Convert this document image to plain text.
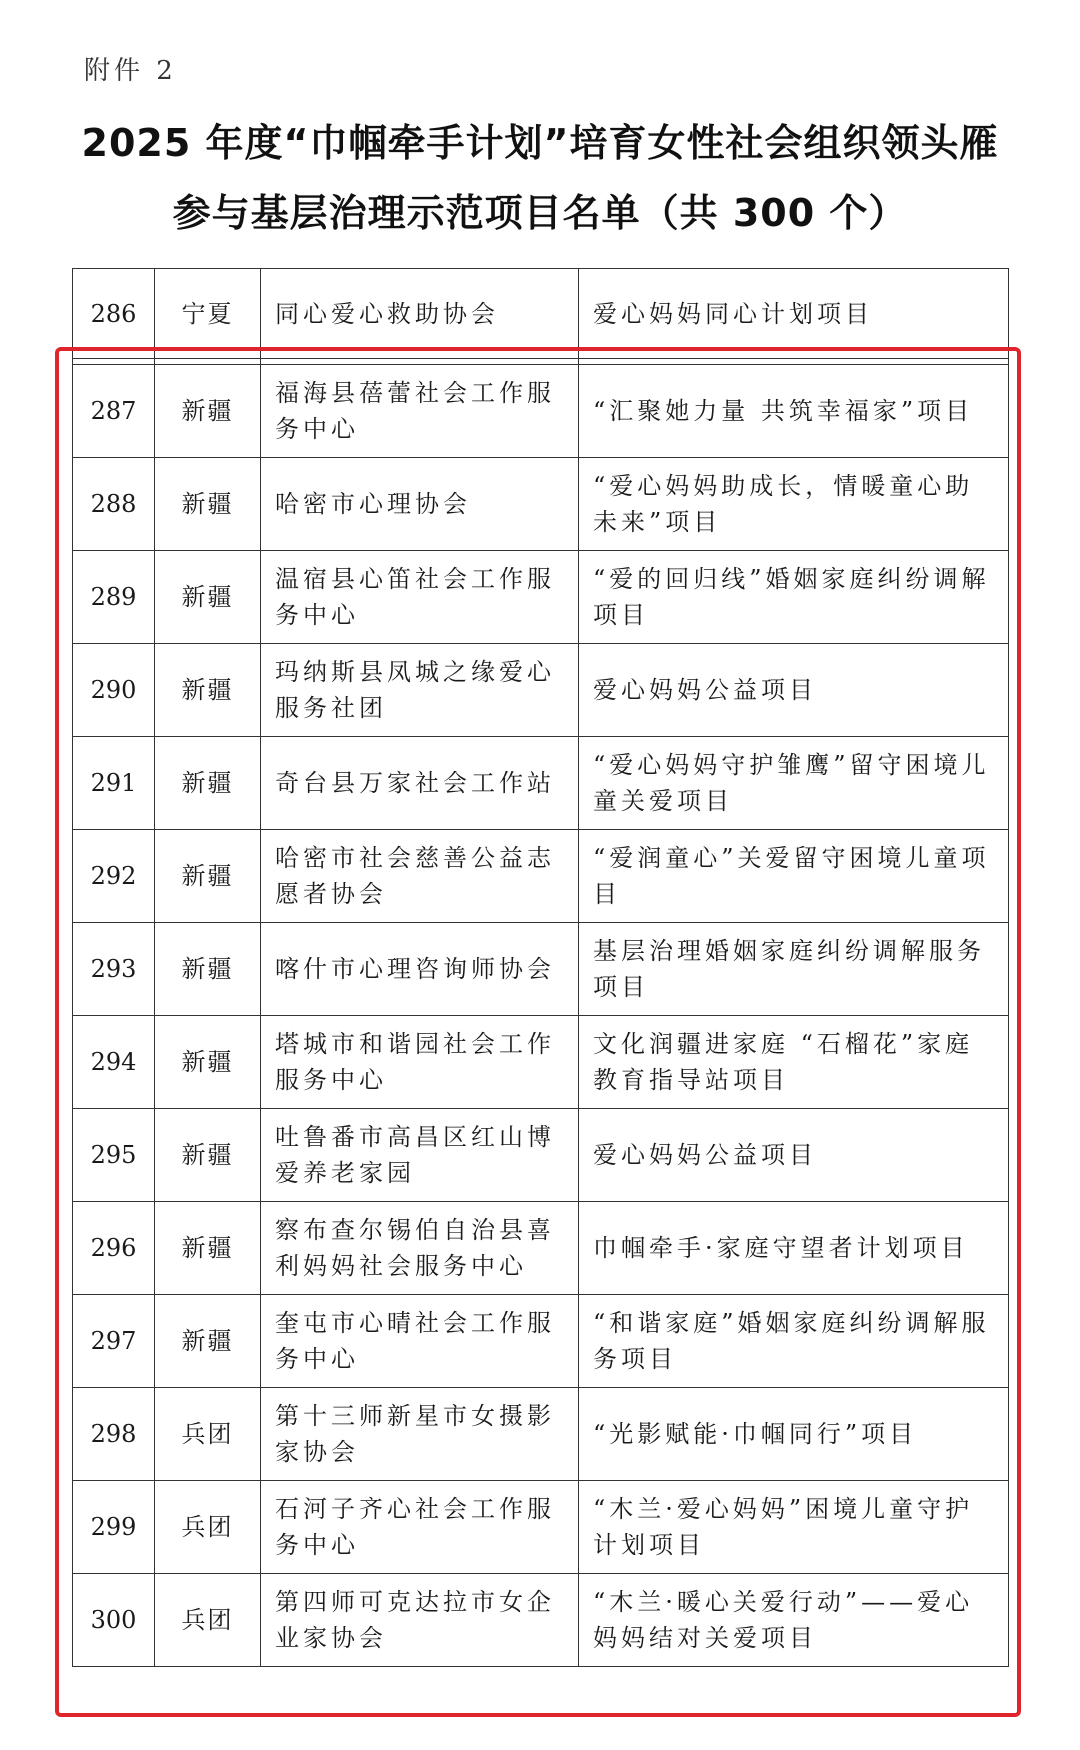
附件 2
2025 年度“巾帼牵手计划”培育女性社会组织领头雁
参与基层治理示范项目名单（共 300 个）
286	宁夏	同心爱心救助协会	爱心妈妈同心计划项目

287	新疆	福海县蓓蕾社会工作服务中心	“汇聚她力量 共筑幸福家”项目
288	新疆	哈密市心理协会	“爱心妈妈助成长，情暖童心助未来”项目
289	新疆	温宿县心笛社会工作服务中心	“爱的回归线”婚姻家庭纠纷调解项目
290	新疆	玛纳斯县凤城之缘爱心服务社团	爱心妈妈公益项目
291	新疆	奇台县万家社会工作站	“爱心妈妈守护雏鹰”留守困境儿童关爱项目
292	新疆	哈密市社会慈善公益志愿者协会	“爱润童心”关爱留守困境儿童项目
293	新疆	喀什市心理咨询师协会	基层治理婚姻家庭纠纷调解服务项目
294	新疆	塔城市和谐园社会工作服务中心	文化润疆进家庭 “石榴花”家庭教育指导站项目
295	新疆	吐鲁番市高昌区红山博爱养老家园	爱心妈妈公益项目
296	新疆	察布查尔锡伯自治县喜利妈妈社会服务中心	巾帼牵手·家庭守望者计划项目
297	新疆	奎屯市心晴社会工作服务中心	“和谐家庭”婚姻家庭纠纷调解服务项目
298	兵团	第十三师新星市女摄影家协会	“光影赋能·巾帼同行”项目
299	兵团	石河子齐心社会工作服务中心	“木兰·爱心妈妈”困境儿童守护计划项目
300	兵团	第四师可克达拉市女企业家协会	“木兰·暖心关爱行动”——爱心妈妈结对关爱项目
